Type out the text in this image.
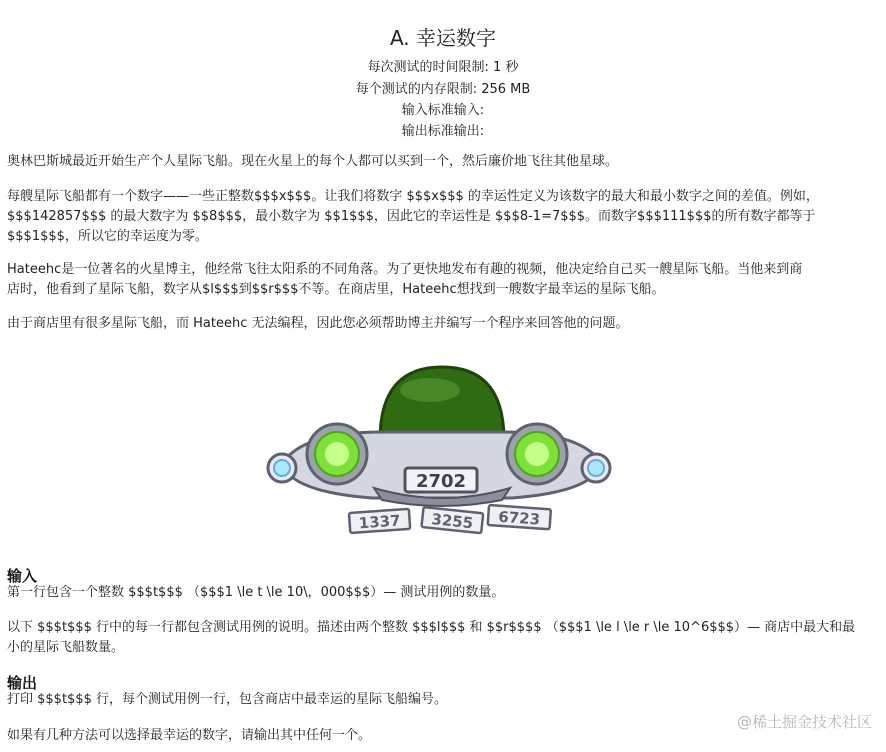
A. 幸运数字
每次测试的时间限制: 1 秒
每个测试的内存限制: 256 MB
输入标准输入:
输出标准输出:
奥林巴斯城最近开始生产个人星际飞船。现在火星上的每个人都可以买到一个，然后廉价地飞往其他星球。
每艘星际飞船都有一个数字——一些正整数$$$x$$$。让我们将数字 $$$x$$$ 的幸运性定义为该数字的最大和最小数字之间的差值。例如，
$$$142857$$$ 的最大数字为 $$8$$$，最小数字为 $$1$$$，因此它的幸运性是 $$$8-1=7$$$。而数字$$$111$$$的所有数字都等于
$$$1$$$，所以它的幸运度为零。
Hateehc是一位著名的火星博主，他经常飞往太阳系的不同角落。为了更快地发布有趣的视频，他决定给自己买一艘星际飞船。当他来到商
店时，他看到了星际飞船，数字从$l$$$到$$r$$$不等。在商店里，Hateehc想找到一艘数字最幸运的星际飞船。
由于商店里有很多星际飞船，而 Hateehc 无法编程，因此您必须帮助博主并编写一个程序来回答他的问题。
2702
1337 3255 6723
输入
第一行包含一个整数 $$$t$$$ （$$$1 \le t \le 10\，000$$$）— 测试用例的数量。
以下 $$$t$$$ 行中的每一行都包含测试用例的说明。描述由两个整数 $$$l$$$ 和 $$r$$$$ （$$$1 \le l \le r \le 10^6$$$）— 商店中最大和最
小的星际飞船数量。
输出
打印 $$$t$$$ 行，每个测试用例一行，包含商店中最幸运的星际飞船编号。
如果有几种方法可以选择最幸运的数字，请输出其中任何一个。
@稀土掘金技术社区
